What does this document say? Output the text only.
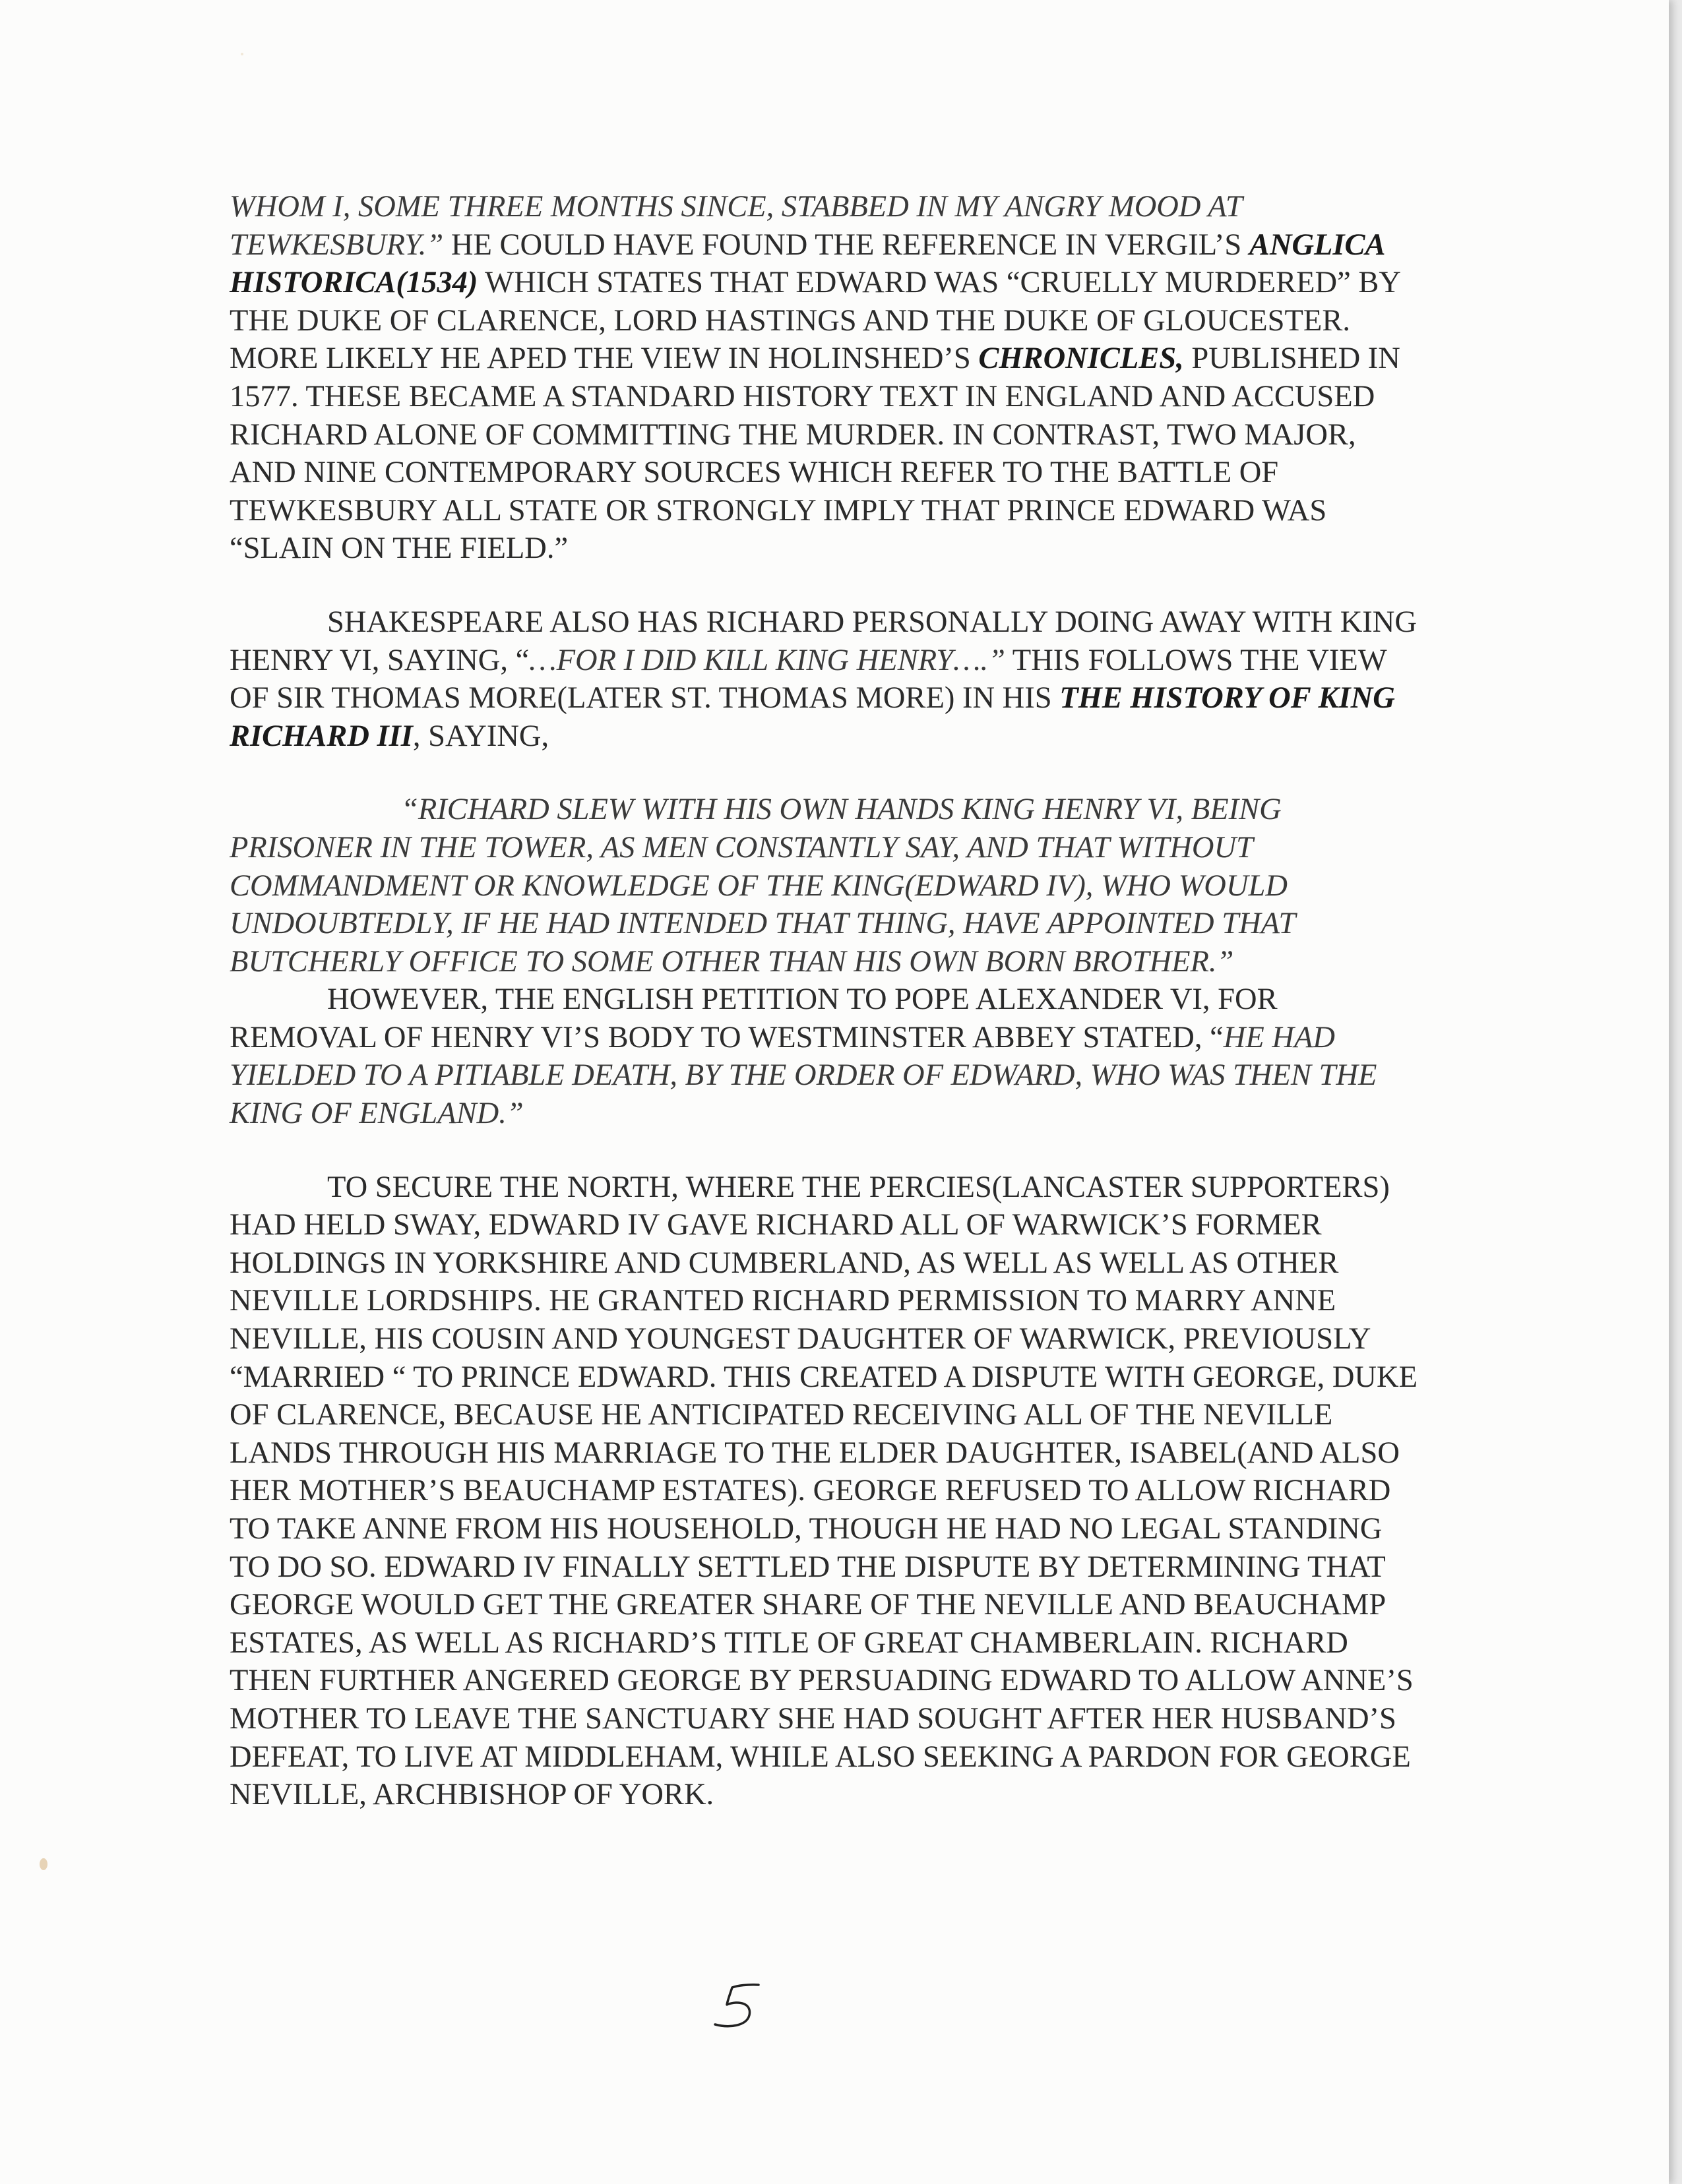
WHOM I, SOME THREE MONTHS SINCE, STABBED IN MY ANGRY MOOD AT TEWKESBURY.” HE COULD HAVE FOUND THE REFERENCE IN VERGIL’S ANGLICA HISTORICA(1534) WHICH STATES THAT EDWARD WAS “CRUELLY MURDERED” BY THE DUKE OF CLARENCE, LORD HASTINGS AND THE DUKE OF GLOUCESTER. MORE LIKELY HE APED THE VIEW IN HOLINSHED’S CHRONICLES, PUBLISHED IN 1577. THESE BECAME A STANDARD HISTORY TEXT IN ENGLAND AND ACCUSED RICHARD ALONE OF COMMITTING THE MURDER. IN CONTRAST, TWO MAJOR, AND NINE CONTEMPORARY SOURCES WHICH REFER TO THE BATTLE OF TEWKESBURY ALL STATE OR STRONGLY IMPLY THAT PRINCE EDWARD WAS “SLAIN ON THE FIELD.”

SHAKESPEARE ALSO HAS RICHARD PERSONALLY DOING AWAY WITH KING HENRY VI, SAYING, “…FOR I DID KILL KING HENRY….” THIS FOLLOWS THE VIEW OF SIR THOMAS MORE(LATER ST. THOMAS MORE) IN HIS THE HISTORY OF KING RICHARD III, SAYING,

“RICHARD SLEW WITH HIS OWN HANDS KING HENRY VI, BEING PRISONER IN THE TOWER, AS MEN CONSTANTLY SAY, AND THAT WITHOUT COMMANDMENT OR KNOWLEDGE OF THE KING(EDWARD IV), WHO WOULD UNDOUBTEDLY, IF HE HAD INTENDED THAT THING, HAVE APPOINTED THAT BUTCHERLY OFFICE TO SOME OTHER THAN HIS OWN BORN BROTHER.”

HOWEVER, THE ENGLISH PETITION TO POPE ALEXANDER VI, FOR REMOVAL OF HENRY VI’S BODY TO WESTMINSTER ABBEY STATED, “HE HAD YIELDED TO A PITIABLE DEATH, BY THE ORDER OF EDWARD, WHO WAS THEN THE KING OF ENGLAND.”

TO SECURE THE NORTH, WHERE THE PERCIES(LANCASTER SUPPORTERS) HAD HELD SWAY, EDWARD IV GAVE RICHARD ALL OF WARWICK’S FORMER HOLDINGS IN YORKSHIRE AND CUMBERLAND, AS WELL AS WELL AS OTHER NEVILLE LORDSHIPS. HE GRANTED RICHARD PERMISSION TO MARRY ANNE NEVILLE, HIS COUSIN AND YOUNGEST DAUGHTER OF WARWICK, PREVIOUSLY “MARRIED “ TO PRINCE EDWARD. THIS CREATED A DISPUTE WITH GEORGE, DUKE OF CLARENCE, BECAUSE HE ANTICIPATED RECEIVING ALL OF THE NEVILLE LANDS THROUGH HIS MARRIAGE TO THE ELDER DAUGHTER, ISABEL(AND ALSO HER MOTHER’S BEAUCHAMP ESTATES). GEORGE REFUSED TO ALLOW RICHARD TO TAKE ANNE FROM HIS HOUSEHOLD, THOUGH HE HAD NO LEGAL STANDING TO DO SO. EDWARD IV FINALLY SETTLED THE DISPUTE BY DETERMINING THAT GEORGE WOULD GET THE GREATER SHARE OF THE NEVILLE AND BEAUCHAMP ESTATES, AS WELL AS RICHARD’S TITLE OF GREAT CHAMBERLAIN. RICHARD THEN FURTHER ANGERED GEORGE BY PERSUADING EDWARD TO ALLOW ANNE’S MOTHER TO LEAVE THE SANCTUARY SHE HAD SOUGHT AFTER HER HUSBAND’S DEFEAT, TO LIVE AT MIDDLEHAM, WHILE ALSO SEEKING A PARDON FOR GEORGE NEVILLE, ARCHBISHOP OF YORK.
